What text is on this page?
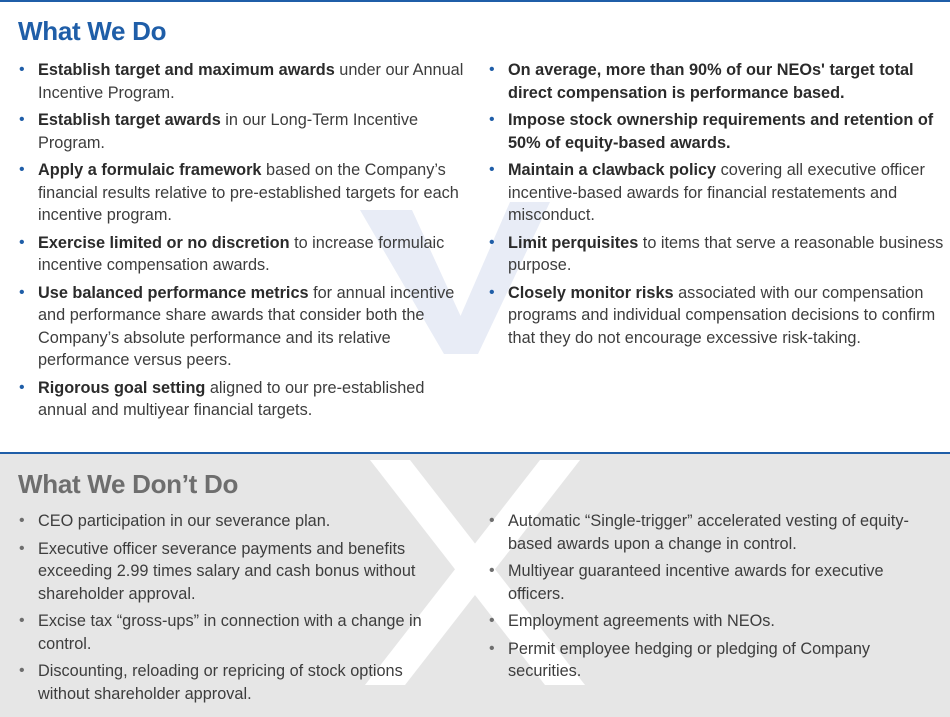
What We Do
• Establish target and maximum awards under our Annual Incentive Program.
• Establish target awards in our Long-Term Incentive Program.
• Apply a formulaic framework based on the Company’s financial results relative to pre-established targets for each incentive program.
• Exercise limited or no discretion to increase formulaic incentive compensation awards.
• Use balanced performance metrics for annual incentive and performance share awards that consider both the Company’s absolute performance and its relative performance versus peers.
• Rigorous goal setting aligned to our pre-established annual and multiyear financial targets.
• On average, more than 90% of our NEOs' target total direct compensation is performance based.
• Impose stock ownership requirements and retention of 50% of equity-based awards.
• Maintain a clawback policy covering all executive officer incentive-based awards for financial restatements and misconduct.
• Limit perquisites to items that serve a reasonable business purpose.
• Closely monitor risks associated with our compensation programs and individual compensation decisions to confirm that they do not encourage excessive risk-taking.
What We Don’t Do
• CEO participation in our severance plan.
• Executive officer severance payments and benefits exceeding 2.99 times salary and cash bonus without shareholder approval.
• Excise tax “gross-ups” in connection with a change in control.
• Discounting, reloading or repricing of stock options without shareholder approval.
• Automatic “Single-trigger” accelerated vesting of equity-based awards upon a change in control.
• Multiyear guaranteed incentive awards for executive officers.
• Employment agreements with NEOs.
• Permit employee hedging or pledging of Company securities.
